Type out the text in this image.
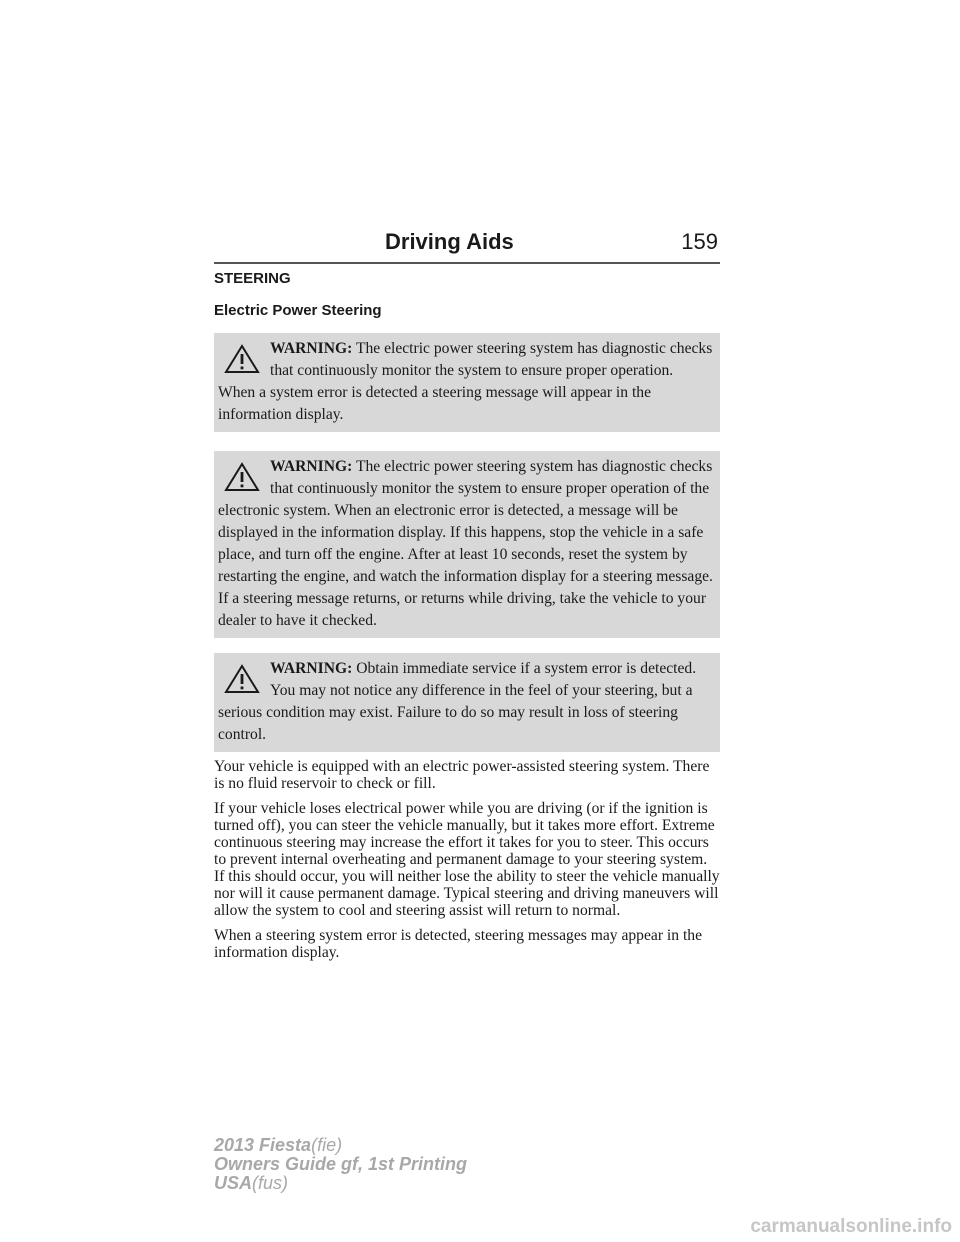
Driving Aids	159
STEERING
Electric Power Steering
WARNING: The electric power steering system has diagnostic checks that continuously monitor the system to ensure proper operation. When a system error is detected a steering message will appear in the information display.
WARNING: The electric power steering system has diagnostic checks that continuously monitor the system to ensure proper operation of the electronic system. When an electronic error is detected, a message will be displayed in the information display. If this happens, stop the vehicle in a safe place, and turn off the engine. After at least 10 seconds, reset the system by restarting the engine, and watch the information display for a steering message. If a steering message returns, or returns while driving, take the vehicle to your dealer to have it checked.
WARNING: Obtain immediate service if a system error is detected. You may not notice any difference in the feel of your steering, but a serious condition may exist. Failure to do so may result in loss of steering control.

Your vehicle is equipped with an electric power-assisted steering system. There is no fluid reservoir to check or fill.

If your vehicle loses electrical power while you are driving (or if the ignition is turned off), you can steer the vehicle manually, but it takes more effort. Extreme continuous steering may increase the effort it takes for you to steer. This occurs to prevent internal overheating and permanent damage to your steering system. If this should occur, you will neither lose the ability to steer the vehicle manually nor will it cause permanent damage. Typical steering and driving maneuvers will allow the system to cool and steering assist will return to normal.

When a steering system error is detected, steering messages may appear in the information display.

2013 Fiesta(fie)
Owners Guide gf, 1st Printing
USA(fus)
carmanualsonline.info
